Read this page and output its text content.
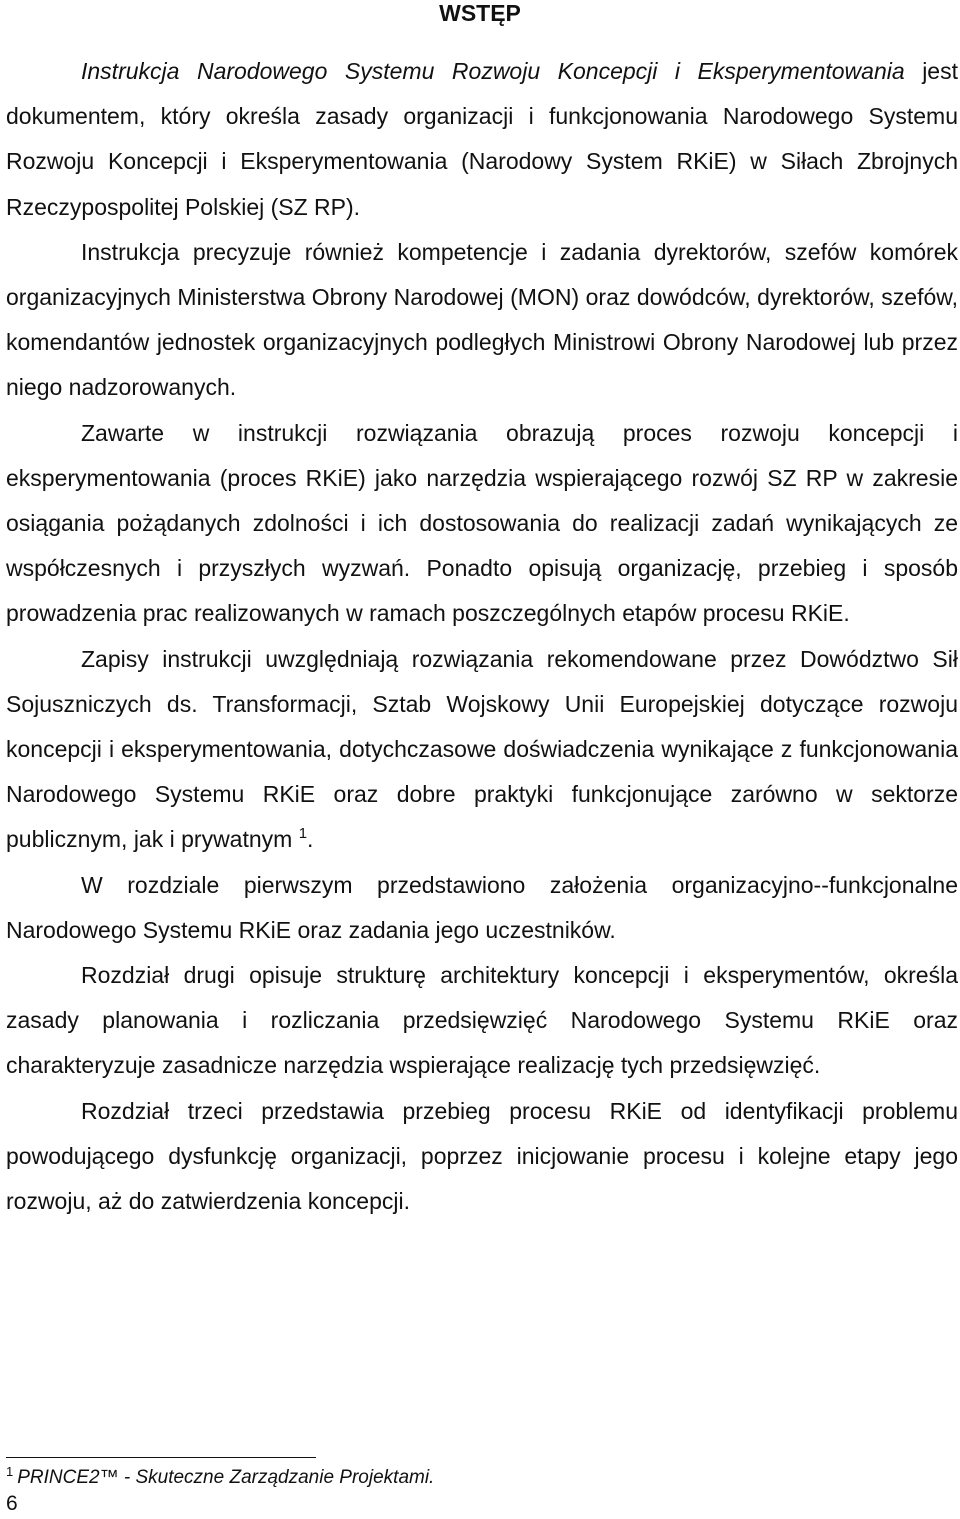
WSTĘP

Instrukcja Narodowego Systemu Rozwoju Koncepcji i Eksperymentowania jest dokumentem, który określa zasady organizacji i funkcjonowania Narodowego Systemu Rozwoju Koncepcji i Eksperymentowania (Narodowy System RKiE) w Siłach Zbrojnych Rzeczypospolitej Polskiej (SZ RP).

Instrukcja precyzuje również kompetencje i zadania dyrektorów, szefów komórek organizacyjnych Ministerstwa Obrony Narodowej (MON) oraz dowódców, dyrektorów, szefów, komendantów jednostek organizacyjnych podległych Ministrowi Obrony Narodowej lub przez niego nadzorowanych.

Zawarte w instrukcji rozwiązania obrazują proces rozwoju koncepcji i eksperymentowania (proces RKiE) jako narzędzia wspierającego rozwój SZ RP w zakresie osiągania pożądanych zdolności i ich dostosowania do realizacji zadań wynikających ze współczesnych i przyszłych wyzwań. Ponadto opisują organizację, przebieg i sposób prowadzenia prac realizowanych w ramach poszczególnych etapów procesu RKiE.

Zapisy instrukcji uwzględniają rozwiązania rekomendowane przez Dowództwo Sił Sojuszniczych ds. Transformacji, Sztab Wojskowy Unii Europejskiej dotyczące rozwoju koncepcji i eksperymentowania, dotychczasowe doświadczenia wynikające z funkcjonowania Narodowego Systemu RKiE oraz dobre praktyki funkcjonujące zarówno w sektorze publicznym, jak i prywatnym $^1$.

W rozdziale pierwszym przedstawiono założenia organizacyjno--funkcjonalne Narodowego Systemu RKiE oraz zadania jego uczestników.

Rozdział drugi opisuje strukturę architektury koncepcji i eksperymentów, określa zasady planowania i rozliczania przedsięwzięć Narodowego Systemu RKiE oraz charakteryzuje zasadnicze narzędzia wspierające realizację tych przedsięwzięć.

Rozdział trzeci przedstawia przebieg procesu RKiE od identyfikacji problemu powodującego dysfunkcję organizacji, poprzez inicjowanie procesu i kolejne etapy jego rozwoju, aż do zatwierdzenia koncepcji.

$^1$ PRINCE2™ - Skuteczne Zarządzanie Projektami.
6
